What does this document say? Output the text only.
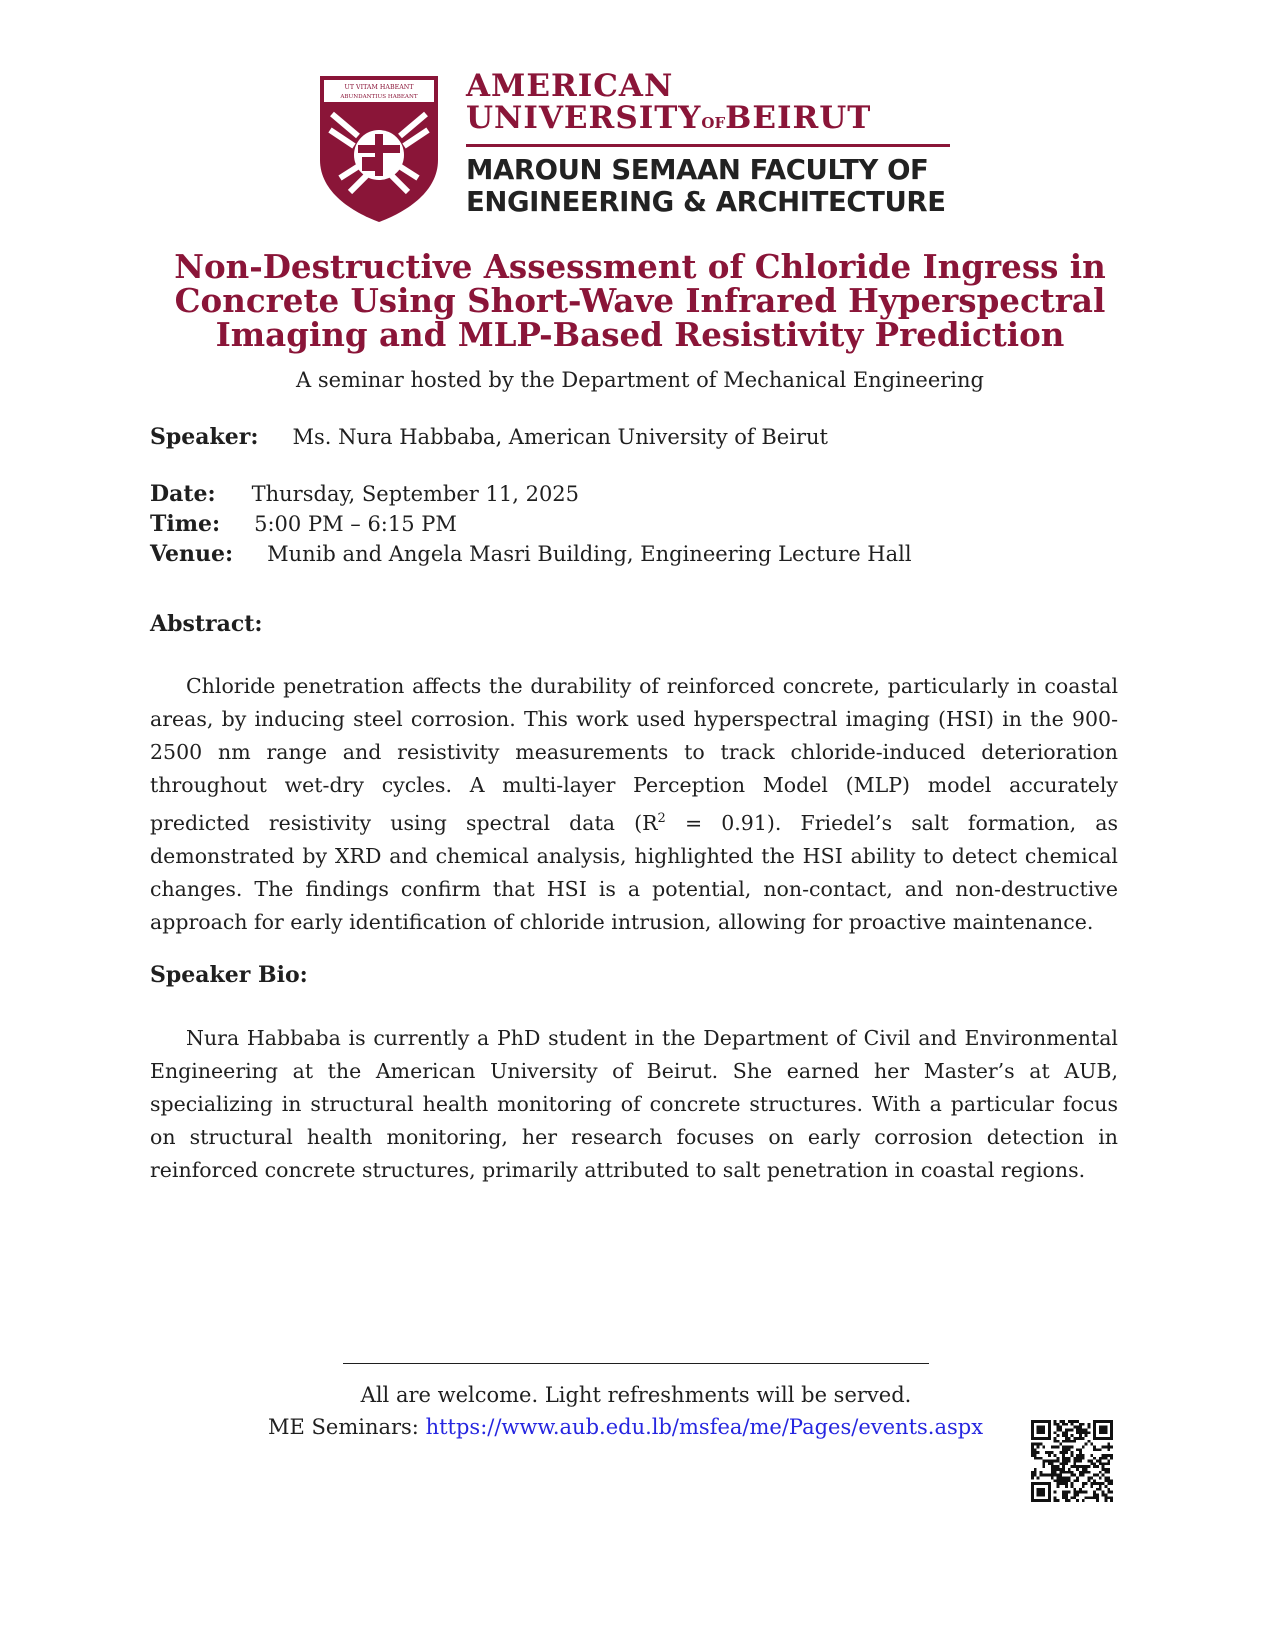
UT VITAM HABEANT
ABUNDANTIUS HABEANT AMERICAN
UNIVERSITYOFBEIRUT
MAROUN SEMAAN FACULTY OF
ENGINEERING & ARCHITECTURE
Non-Destructive Assessment of Chloride Ingress in Concrete Using Short-Wave Infrared Hyperspectral Imaging and MLP-Based Resistivity Prediction

A seminar hosted by the Department of Mechanical Engineering

Speaker: Ms. Nura Habbaba, American University of Beirut
Date: Thursday, September 11, 2025
Time: 5:00 PM – 6:15 PM
Venue: Munib and Angela Masri Building, Engineering Lecture Hall
Abstract:

Chloride penetration affects the durability of reinforced concrete, particularly in coastal areas, by inducing steel corrosion. This work used hyperspectral imaging (HSI) in the 900-2500 nm range and resistivity measurements to track chloride-induced deterioration throughout wet-dry cycles. A multi-layer Perception Model (MLP) model accurately predicted resistivity using spectral data $(R^2 = 0.91)$. Friedel’s salt formation, as demonstrated by XRD and chemical analysis, highlighted the HSI ability to detect chemical changes. The findings confirm that HSI is a potential, non-contact, and non-destructive approach for early identification of chloride intrusion, allowing for proactive maintenance.

Speaker Bio:

Nura Habbaba is currently a PhD student in the Department of Civil and Environmental Engineering at the American University of Beirut. She earned her Master’s at AUB, specializing in structural health monitoring of concrete structures. With a particular focus on structural health monitoring, her research focuses on early corrosion detection in reinforced concrete structures, primarily attributed to salt penetration in coastal regions.

All are welcome. Light refreshments will be served.

ME Seminars: https://www.aub.edu.lb/msfea/me/Pages/events.aspx
